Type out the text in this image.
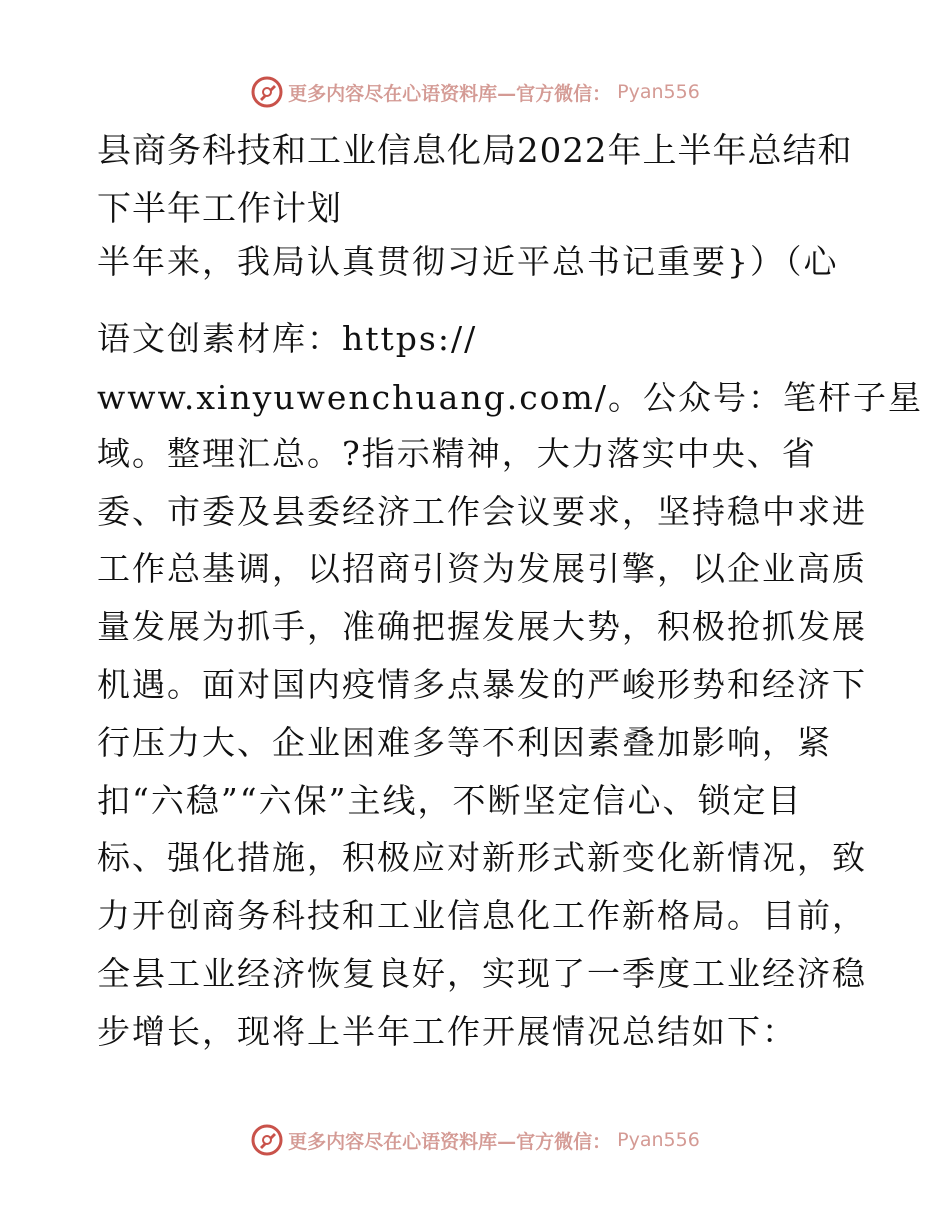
更多内容尽在心语资料库—官方微信： Pyan556
县商务科技和工业信息化局2022年上半年总结和下半年工作计划

半年来，我局认真贯彻习近平总书记重要}）（心

语文创素材库：https://

www.xinyuwenchuang.com/。公众号：笔杆子星

域。整理汇总。?指示精神，大力落实中央、省

委、市委及县委经济工作会议要求，坚持稳中求进

工作总基调，以招商引资为发展引擎，以企业高质

量发展为抓手，准确把握发展大势，积极抢抓发展

机遇。面对国内疫情多点暴发的严峻形势和经济下

行压力大、企业困难多等不利因素叠加影响，紧

扣“六稳”“六保”主线，不断坚定信心、锁定目

标、强化措施，积极应对新形式新变化新情况，致

力开创商务科技和工业信息化工作新格局。目前，

全县工业经济恢复良好，实现了一季度工业经济稳

步增长，现将上半年工作开展情况总结如下：

更多内容尽在心语资料库—官方微信： Pyan556
